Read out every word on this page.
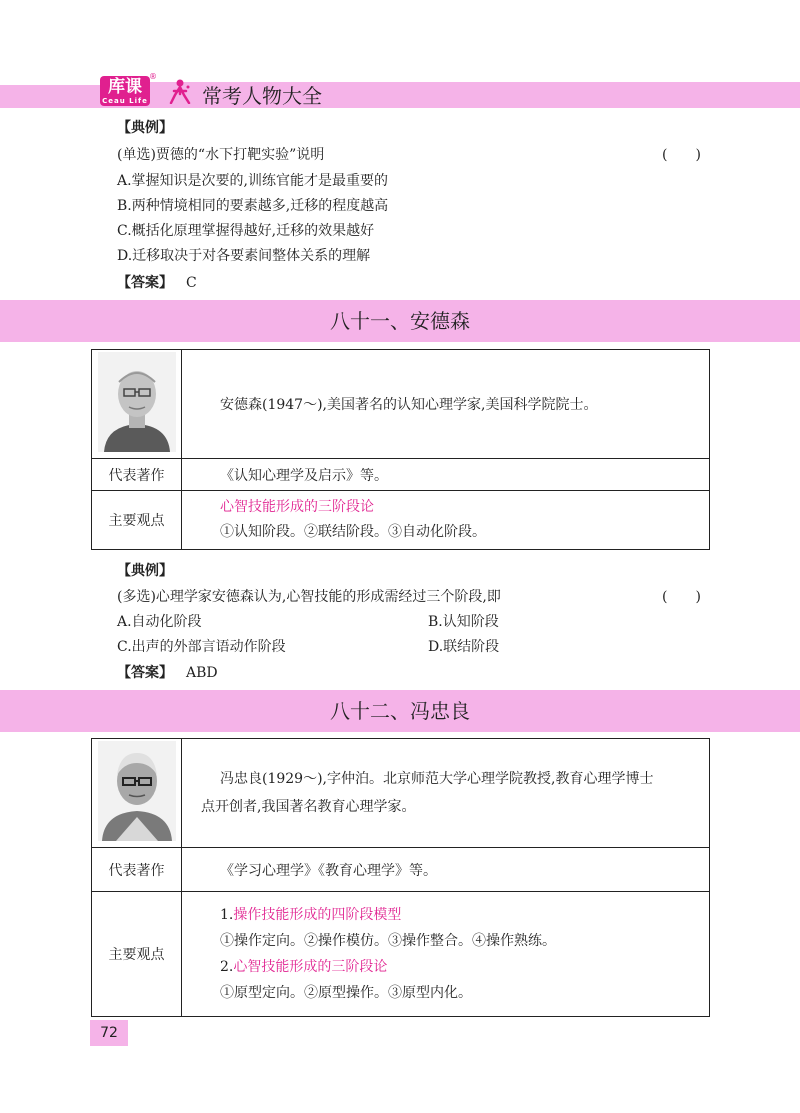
库课
Ceau Life
®
常考人物大全
【典例】
(单选)贾德的“水下打靶实验”说明	(　　)
A.掌握知识是次要的,训练官能才是最重要的
B.两种情境相同的要素越多,迁移的程度越高
C.概括化原理掌握得越好,迁移的效果越好
D.迁移取决于对各要素间整体关系的理解
【答案】 C
八十一、安德森
	安德森(1947～),美国著名的认知心理学家,美国科学院院士。
代表著作	《认知心理学及启示》等。
主要观点	心智技能形成的三阶段论
①认知阶段。②联结阶段。③自动化阶段。
【典例】
(多选)心理学家安德森认为,心智技能的形成需经过三个阶段,即	(　　)
A.自动化阶段	B.认知阶段
C.出声的外部言语动作阶段	D.联结阶段
【答案】 ABD
八十二、冯忠良

冯忠良(1929～),字仲泊。北京师范大学心理学院教授,教育心理学博士
点开创者,我国著名教育心理学家。

代表著作	《学习心理学》《教育心理学》等。
主要观点	1.操作技能形成的四阶段模型
①操作定向。②操作模仿。③操作整合。④操作熟练。
2.心智技能形成的三阶段论
①原型定向。②原型操作。③原型内化。
72
